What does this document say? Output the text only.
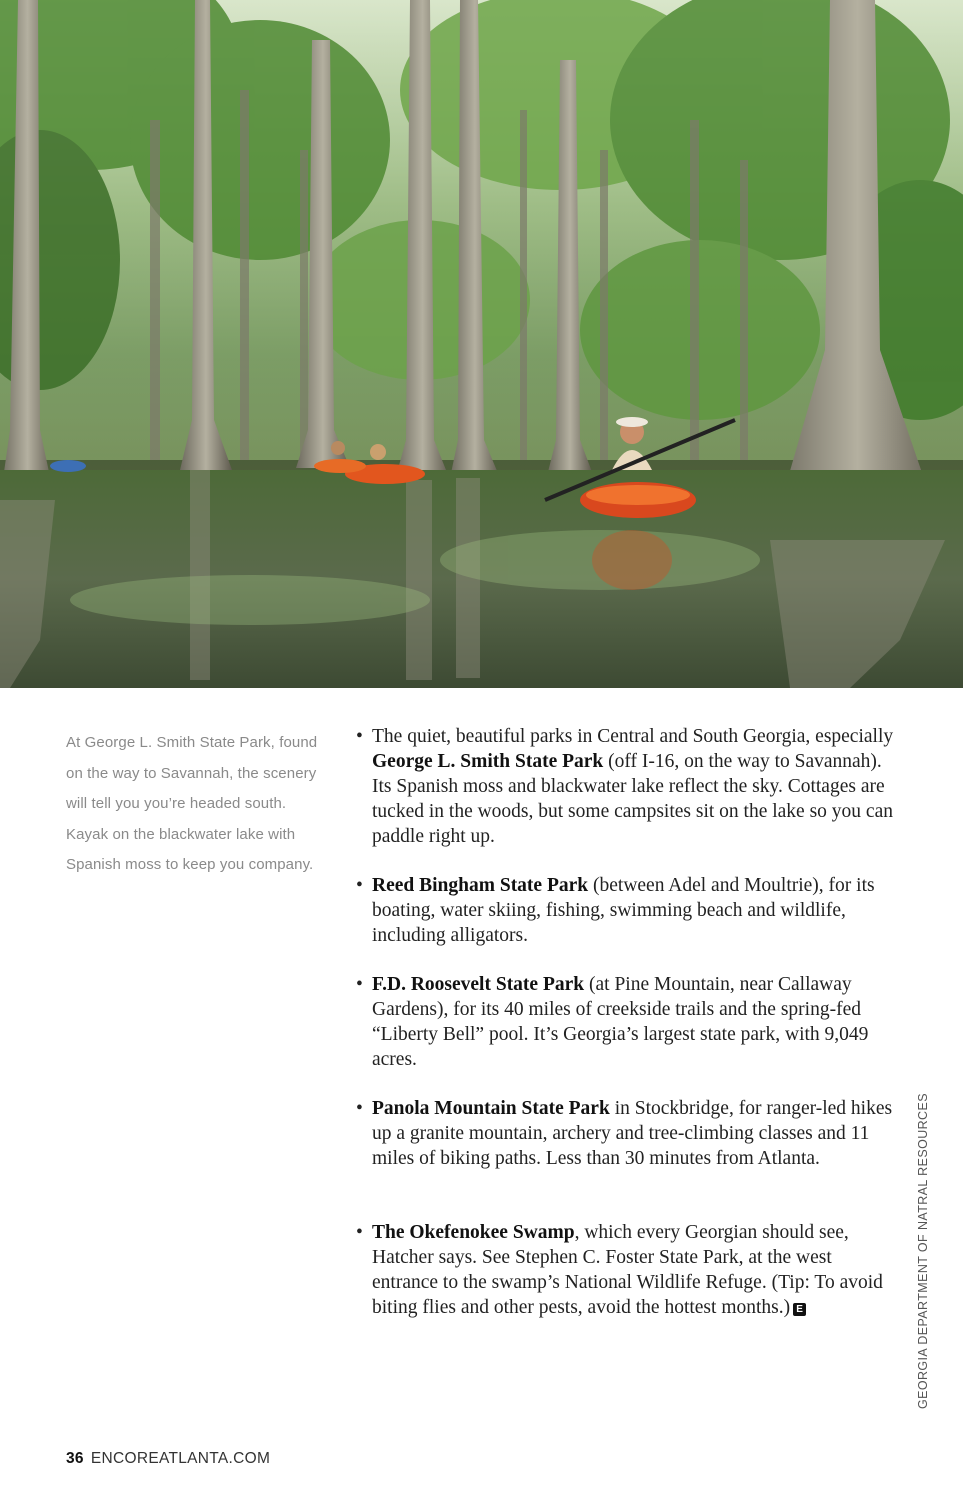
At George L. Smith State Park, found on the way to Savannah, the scenery will tell you you’re headed south. Kayak on the blackwater lake with Spanish moss to keep you company.
• The quiet, beautiful parks in Central and South Georgia, especially George L. Smith State Park (off I-16, on the way to Savannah). Its Spanish moss and blackwater lake reflect the sky. Cottages are tucked in the woods, but some campsites sit on the lake so you can paddle right up.
• Reed Bingham State Park (between Adel and Moultrie), for its boating, water skiing, fishing, swimming beach and wildlife, including alligators.
• F.D. Roosevelt State Park (at Pine Mountain, near Callaway Gardens), for its 40 miles of creekside trails and the spring-fed “Liberty Bell” pool. It’s Georgia’s largest state park, with 9,049 acres.
• Panola Mountain State Park in Stockbridge, for ranger-led hikes up a granite mountain, archery and tree-climbing classes and 11 miles of biking paths. Less than 30 minutes from Atlanta.
• The Okefenokee Swamp, which every Georgian should see, Hatcher says. See Stephen C. Foster State Park, at the west entrance to the swamp’s National Wildlife Refuge. (Tip: To avoid biting flies and other pests, avoid the hottest months.) E	GEORGIA DEPARTMENT OF NATRAL RESOURCES
36 ENCOREATLANTA.COM
